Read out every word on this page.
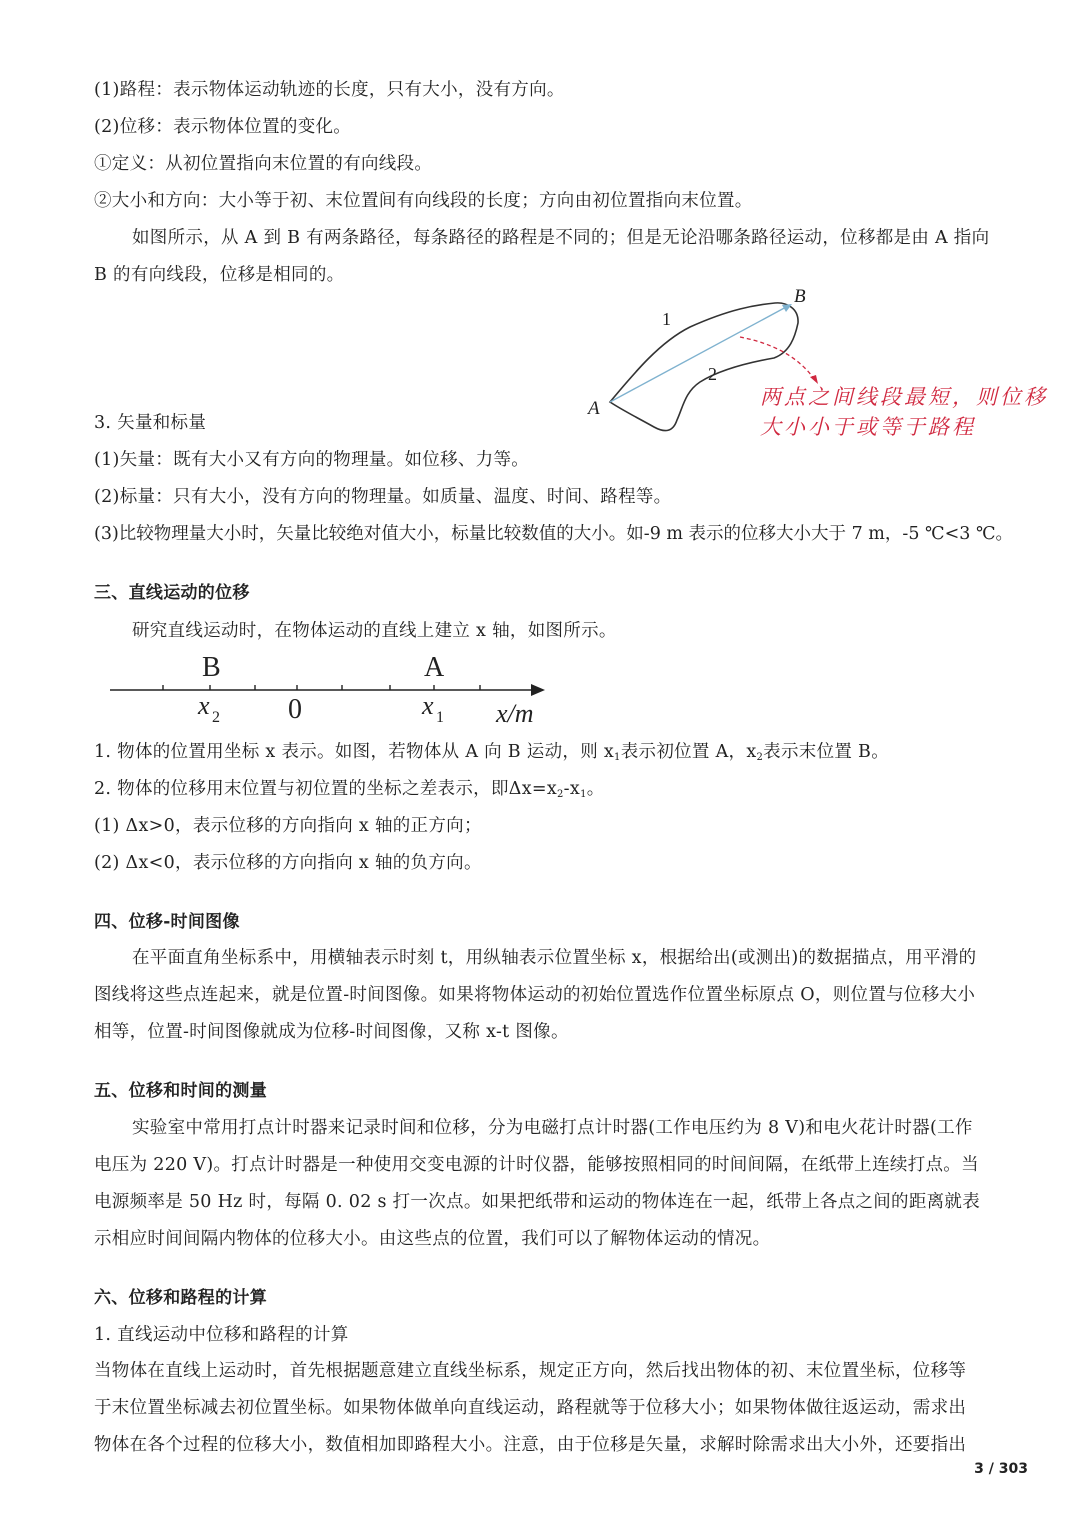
(1)路程：表示物体运动轨迹的长度，只有大小，没有方向。
(2)位移：表示物体位置的变化。
①定义：从初位置指向末位置的有向线段。
②大小和方向：大小等于初、末位置间有向线段的长度；方向由初位置指向末位置。
如图所示，从 A 到 B 有两条路径，每条路径的路程是不同的；但是无论沿哪条路径运动，位移都是由 A 指向
B 的有向线段，位移是相同的。
A
B
1
2
两点之间线段最短，则位移
大小小于或等于路程
3. 矢量和标量
(1)矢量：既有大小又有方向的物理量。如位移、力等。
(2)标量：只有大小，没有方向的物理量。如质量、温度、时间、路程等。
(3)比较物理量大小时，矢量比较绝对值大小，标量比较数值的大小。如-9 m 表示的位移大小大于 7 m，-5 ℃<3 ℃。
三、直线运动的位移
研究直线运动时，在物体运动的直线上建立 x 轴，如图所示。
B	A
x 2 0	x 1 x/m
1. 物体的位置用坐标 x 表示。如图，若物体从 A 向 B 运动，则 $x_1$表示初位置 A，$x_2$表示末位置 B。
2. 物体的位移用末位置与初位置的坐标之差表示，即$\Delta x=x_2-x_1$。
(1) Δx>0，表示位移的方向指向 x 轴的正方向；
(2) Δx<0，表示位移的方向指向 x 轴的负方向。
四、位移-时间图像
在平面直角坐标系中，用横轴表示时刻 t，用纵轴表示位置坐标 x，根据给出(或测出)的数据描点，用平滑的
图线将这些点连起来，就是位置-时间图像。如果将物体运动的初始位置选作位置坐标原点 O，则位置与位移大小
相等，位置-时间图像就成为位移-时间图像，又称 x-t 图像。
五、位移和时间的测量
实验室中常用打点计时器来记录时间和位移，分为电磁打点计时器(工作电压约为 8 V)和电火花计时器(工作
电压为 220 V)。打点计时器是一种使用交变电源的计时仪器，能够按照相同的时间间隔，在纸带上连续打点。当
电源频率是 50 Hz 时，每隔 0. 02 s 打一次点。如果把纸带和运动的物体连在一起，纸带上各点之间的距离就表
示相应时间间隔内物体的位移大小。由这些点的位置，我们可以了解物体运动的情况。
六、位移和路程的计算
1. 直线运动中位移和路程的计算
当物体在直线上运动时，首先根据题意建立直线坐标系，规定正方向，然后找出物体的初、末位置坐标，位移等
于末位置坐标减去初位置坐标。如果物体做单向直线运动，路程就等于位移大小；如果物体做往返运动，需求出
物体在各个过程的位移大小，数值相加即路程大小。注意，由于位移是矢量，求解时除需求出大小外，还要指出
3 / 303
